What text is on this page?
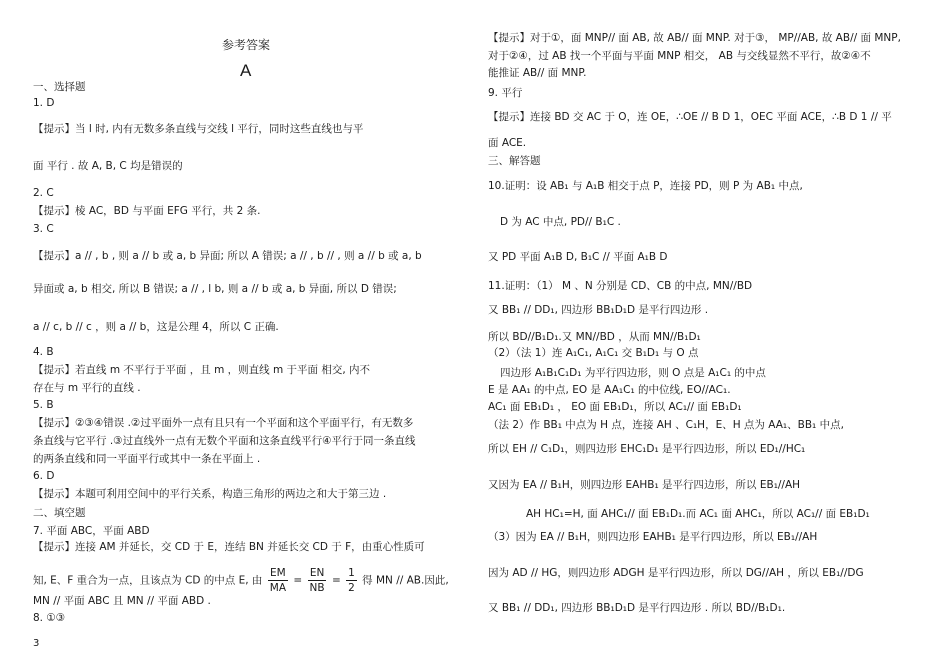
参考答案
A
一、选择题
1. D
【提示】当 l 时, 内有无数多条直线与交线 l 平行，同时这些直线也与平
面 平行 . 故 A, B, C 均是错误的
2. C
【提示】棱 AC，BD 与平面 EFG 平行，共 2 条.
3. C
【提示】a // , b , 则 a // b 或 a, b 异面; 所以 A 错误; a // , b // , 则 a // b 或 a, b
异面或 a, b 相交, 所以 B 错误; a // , l b, 则 a // b 或 a, b 异面, 所以 D 错误;
a // c, b // c ，则 a // b，这是公理 4，所以 C 正确.
4. B
【提示】若直线 m 不平行于平面 ，且 m ，则直线 m 于平面 相交, 内不
存在与 m 平行的直线 .
5. B
【提示】②③④错误 .②过平面外一点有且只有一个平面和这个平面平行，有无数多
条直线与它平行 .③过直线外一点有无数个平面和这条直线平行④平行于同一条直线
的两条直线和同一平面平行或其中一条在平面上 .
6. D
【提示】本题可利用空间中的平行关系，构造三角形的两边之和大于第三边 .
二、填空题
7. 平面 ABC，平面 ABD
【提示】连接 AM 并延长，交 CD 于 E，连结 BN 并延长交 CD 于 F，由重心性质可
MN // 平面 ABC 且 MN // 平面 ABD .
8. ①③
知, E、F 重合为一点，且该点为 CD 的中点 E, 由 $\frac{EM}{MA} = \frac{EN}{NB} = \frac{1}{2}$ 得 MN // AB.因此,
【提示】对于①，面 MNP// 面 AB, 故 AB// 面 MNP. 对于③， MP//AB, 故 AB// 面 MNP,
对于②④，过 AB 找一个平面与平面 MNP 相交， AB 与交线显然不平行，故②④不
能推证 AB// 面 MNP.
9. 平行
【提示】连接 BD 交 AC 于 O，连 OE，∴OE // B D 1，OEC 平面 ACE，∴B D 1 // 平
面 ACE.
三、解答题
10.证明：设 AB₁ 与 A₁B 相交于点 P，连接 PD，则 P 为 AB₁ 中点,
D 为 AC 中点, PD// B₁C .
又 PD 平面 A₁B D, B₁C // 平面 A₁B D
11.证明：（1） M 、N 分别是 CD、CB 的中点, MN//BD
又 BB₁ // DD₁, 四边形 BB₁D₁D 是平行四边形 .
所以 BD//B₁D₁.又 MN//BD ，从而 MN//B₁D₁
（2）（法 1）连 A₁C₁, A₁C₁ 交 B₁D₁ 与 O 点
四边形 A₁B₁C₁D₁ 为平行四边形，则 O 点是 A₁C₁ 的中点
E 是 AA₁ 的中点, EO 是 AA₁C₁ 的中位线, EO//AC₁.
AC₁ 面 EB₁D₁ ， EO 面 EB₁D₁，所以 AC₁// 面 EB₁D₁
（法 2）作 BB₁ 中点为 H 点，连接 AH 、C₁H，E、H 点为 AA₁、BB₁ 中点,
所以 EH // C₁D₁，则四边形 EHC₁D₁ 是平行四边形，所以 ED₁//HC₁
又因为 EA // B₁H，则四边形 EAHB₁ 是平行四边形，所以 EB₁//AH
AH HC₁=H, 面 AHC₁// 面 EB₁D₁.而 AC₁ 面 AHC₁，所以 AC₁// 面 EB₁D₁
（3）因为 EA // B₁H，则四边形 EAHB₁ 是平行四边形，所以 EB₁//AH
因为 AD // HG，则四边形 ADGH 是平行四边形，所以 DG//AH ，所以 EB₁//DG
又 BB₁ // DD₁, 四边形 BB₁D₁D 是平行四边形 . 所以 BD//B₁D₁.
3
